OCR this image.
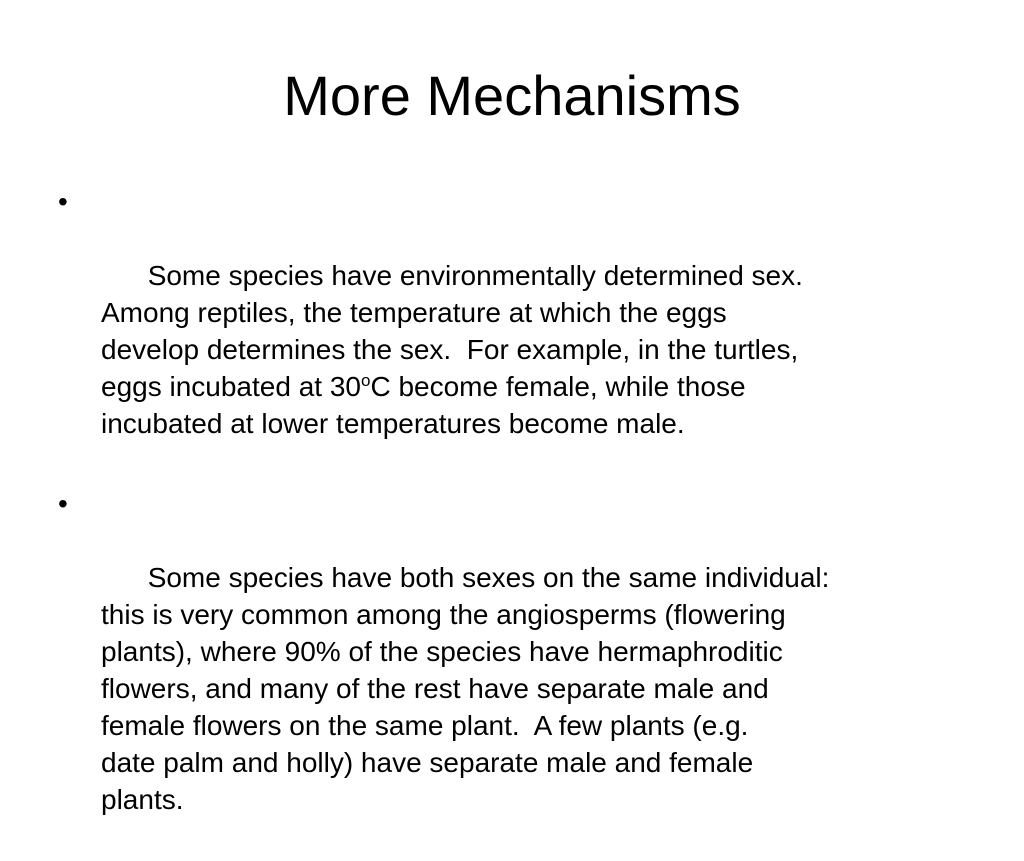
More Mechanisms

•

Some species have environmentally determined sex.
Among reptiles, the temperature at which the eggs
develop determines the sex.  For example, in the turtles,
eggs incubated at 30$^o$C become female, while those
incubated at lower temperatures become male.

•

Some species have both sexes on the same individual:
this is very common among the angiosperms (flowering
plants), where 90% of the species have hermaphroditic
flowers, and many of the rest have separate male and
female flowers on the same plant.  A few plants (e.g.
date palm and holly) have separate male and female
plants.
